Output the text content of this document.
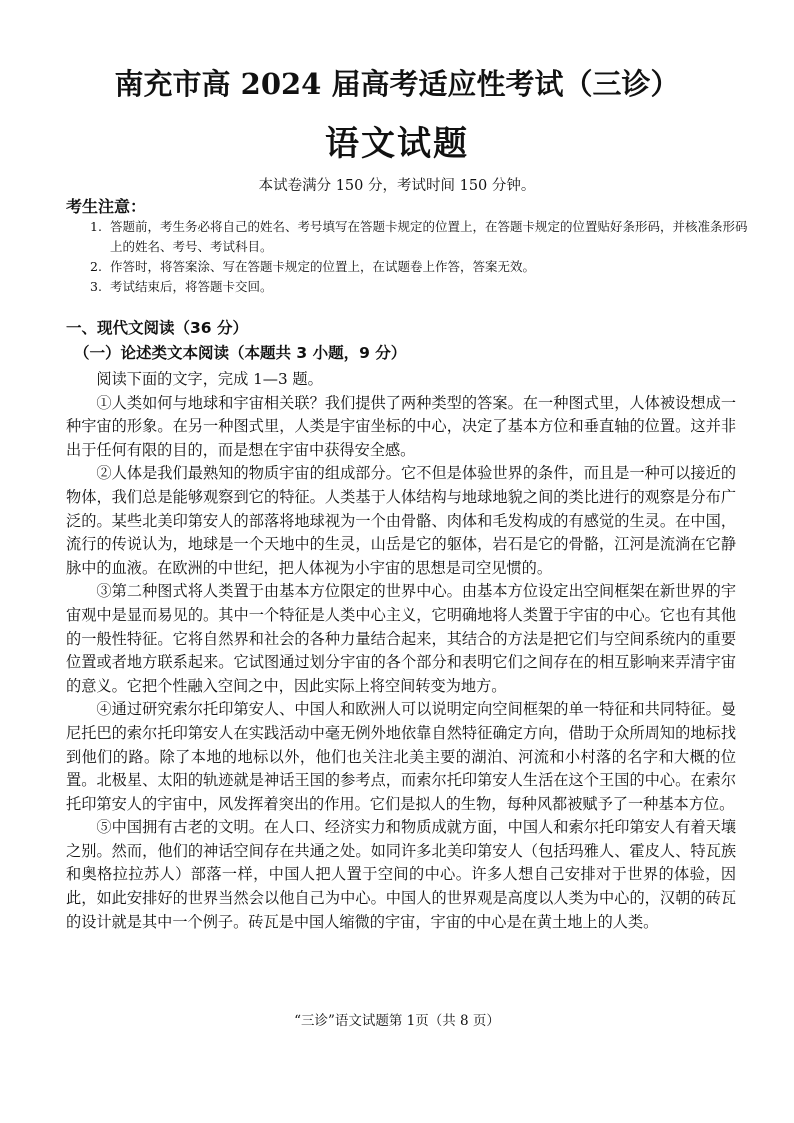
南充市高 2024 届高考适应性考试（三诊）
语文试题
本试卷满分 150 分，考试时间 150 分钟。
考生注意：
1. 答题前，考生务必将自己的姓名、考号填写在答题卡规定的位置上，在答题卡规定的位置贴好条形码，并核准条形码上的姓名、考号、考试科目。
2. 作答时，将答案涂、写在答题卡规定的位置上，在试题卷上作答，答案无效。
3. 考试结束后，将答题卡交回。
一、现代文阅读（36 分）
（一）论述类文本阅读（本题共 3 小题，9 分）

阅读下面的文字，完成 1—3 题。

①人类如何与地球和宇宙相关联？我们提供了两种类型的答案。在一种图式里，人体被设想成一种宇宙的形象。在另一种图式里，人类是宇宙坐标的中心，决定了基本方位和垂直轴的位置。这并非出于任何有限的目的，而是想在宇宙中获得安全感。

②人体是我们最熟知的物质宇宙的组成部分。它不但是体验世界的条件，而且是一种可以接近的物体，我们总是能够观察到它的特征。人类基于人体结构与地球地貌之间的类比进行的观察是分布广泛的。某些北美印第安人的部落将地球视为一个由骨骼、肉体和毛发构成的有感觉的生灵。在中国，流行的传说认为，地球是一个天地中的生灵，山岳是它的躯体，岩石是它的骨骼，江河是流淌在它静脉中的血液。在欧洲的中世纪，把人体视为小宇宙的思想是司空见惯的。

③第二种图式将人类置于由基本方位限定的世界中心。由基本方位设定出空间框架在新世界的宇宙观中是显而易见的。其中一个特征是人类中心主义，它明确地将人类置于宇宙的中心。它也有其他的一般性特征。它将自然界和社会的各种力量结合起来，其结合的方法是把它们与空间系统内的重要位置或者地方联系起来。它试图通过划分宇宙的各个部分和表明它们之间存在的相互影响来弄清宇宙的意义。它把个性融入空间之中，因此实际上将空间转变为地方。

④通过研究索尔托印第安人、中国人和欧洲人可以说明定向空间框架的单一特征和共同特征。曼尼托巴的索尔托印第安人在实践活动中毫无例外地依靠自然特征确定方向，借助于众所周知的地标找到他们的路。除了本地的地标以外，他们也关注北美主要的湖泊、河流和小村落的名字和大概的位置。北极星、太阳的轨迹就是神话王国的参考点，而索尔托印第安人生活在这个王国的中心。在索尔托印第安人的宇宙中，风发挥着突出的作用。它们是拟人的生物，每种风都被赋予了一种基本方位。

⑤中国拥有古老的文明。在人口、经济实力和物质成就方面，中国人和索尔托印第安人有着天壤之别。然而，他们的神话空间存在共通之处。如同许多北美印第安人（包括玛雅人、霍皮人、特瓦族和奥格拉拉苏人）部落一样，中国人把人置于空间的中心。许多人想自己安排对于世界的体验，因此，如此安排好的世界当然会以他自己为中心。中国人的世界观是高度以人类为中心的，汉朝的砖瓦的设计就是其中一个例子。砖瓦是中国人缩微的宇宙，宇宙的中心是在黄土地上的人类。

“三诊”语文试题第 1页（共 8 页）
